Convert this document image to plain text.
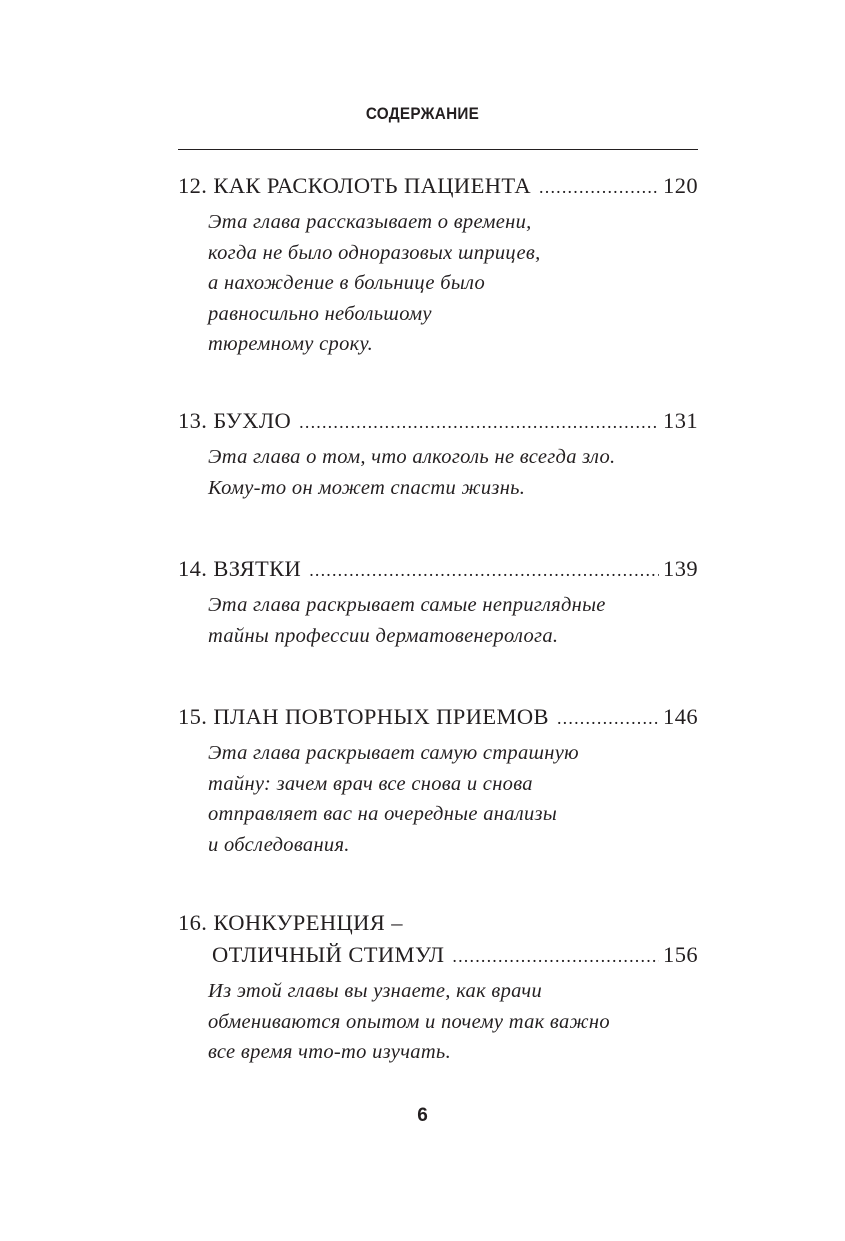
СОДЕРЖАНИЕ
12. КАК РАСКОЛОТЬ ПАЦИЕНТА .....	120
Эта глава рассказывает о времени,
когда не было одноразовых шприцев,
а нахождение в больнице было
равносильно небольшому
тюремному сроку.
13. БУХЛО .....	131
Эта глава о том, что алкоголь не всегда зло.
Кому-то он может спасти жизнь.
14. ВЗЯТКИ .....	139
Эта глава раскрывает самые неприглядные
тайны профессии дерматовенеролога.
15. ПЛАН ПОВТОРНЫХ ПРИЕМОВ .....	146
Эта глава раскрывает самую страшную
тайну: зачем врач все снова и снова
отправляет вас на очередные анализы
и обследования.
16. КОНКУРЕНЦИЯ –
ОТЛИЧНЫЙ СТИМУЛ .....	156
Из этой главы вы узнаете, как врачи
обмениваются опытом и почему так важно
все время что-то изучать.
6
